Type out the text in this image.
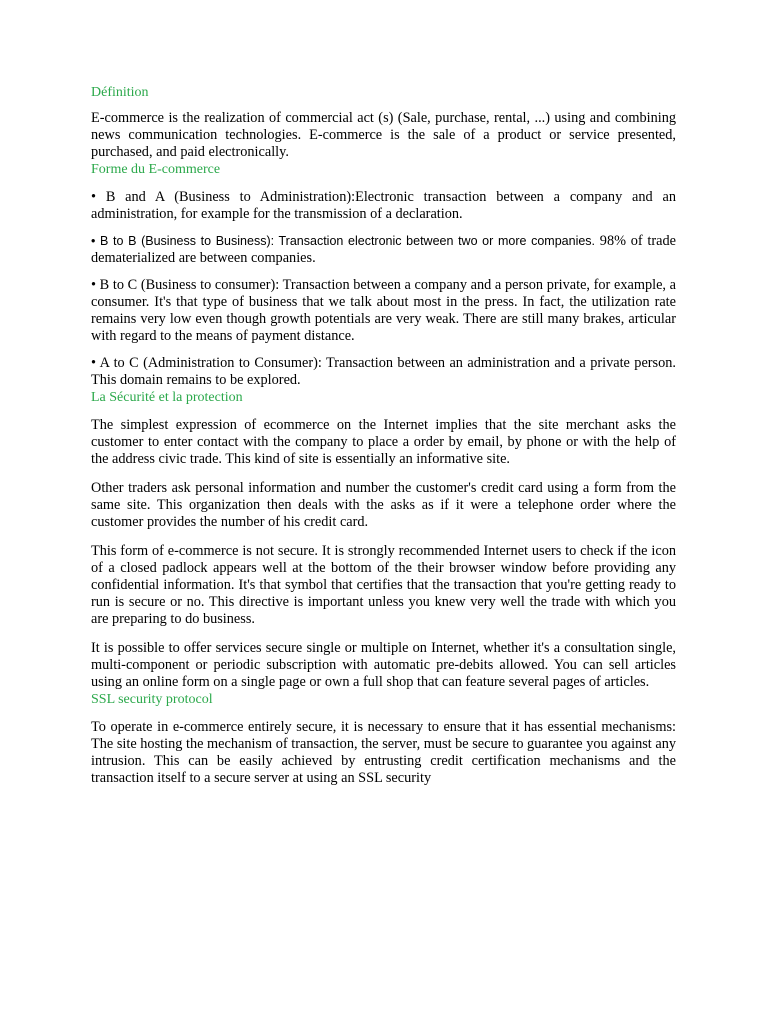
Définition

E-commerce is the realization of commercial act (s) (Sale, purchase, rental, ...) using and combining news communication technologies. E-commerce is the sale of a product or service presented, purchased, and paid electronically.

Forme du E-commerce

• B and A (Business to Administration):Electronic transaction between a company and an administration, for example for the transmission of a declaration.

• B to B (Business to Business): Transaction electronic between two or more companies. 98% of trade dematerialized are between companies.

• B to C (Business to consumer): Transaction between a company and a person private, for example, a consumer. It's that type of business that we talk about most in the press. In fact, the utilization rate remains very low even though growth potentials are very weak. There are still many brakes, articular with regard to the means of payment distance.

• A to C (Administration to Consumer): Transaction between an administration and a private person. This domain remains to be explored.

La Sécurité et la protection

The simplest expression of ecommerce on the Internet implies that the site merchant asks the customer to enter contact with the company to place a order by email, by phone or with the help of the address civic trade. This kind of site is essentially an informative site.

Other traders ask personal information and number the customer's credit card using a form from the same site. This organization then deals with the asks as if it were a telephone order where the customer provides the number of his credit card.

This form of e-commerce is not secure. It is strongly recommended Internet users to check if the icon of a closed padlock appears well at the bottom of the their browser window before providing any confidential information. It's that symbol that certifies that the transaction that you're getting ready to run is secure or no. This directive is important unless you knew very well the trade with which you are preparing to do business.

It is possible to offer services secure single or multiple on Internet, whether it's a consultation single, multi-component or periodic subscription with automatic pre-debits allowed. You can sell articles using an online form on a single page or own a full shop that can feature several pages of articles.

SSL security protocol

To operate in e-commerce entirely secure, it is necessary to ensure that it has essential mechanisms: The site hosting the mechanism of transaction, the server, must be secure to guarantee you against any intrusion. This can be easily achieved by entrusting credit certification mechanisms and the transaction itself to a secure server at using an SSL security
